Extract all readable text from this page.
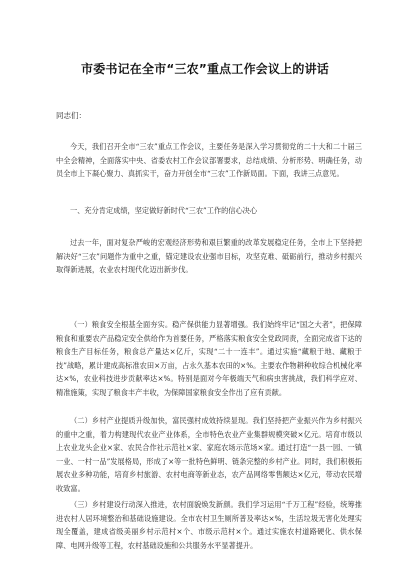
市委书记在全市“三农”重点工作会议上的讲话
同志们：
今天，我们召开全市“三农”重点工作会议，主要任务是深入学习贯彻党的二十大和二十届三中全会精神，全面落实中央、省委农村工作会议部署要求，总结成绩、分析形势、明确任务，动员全市上下凝心聚力、真抓实干，奋力开创全市“三农”工作新局面。下面，我讲三点意见。
一、充分肯定成绩，坚定做好新时代“三农”工作的信心决心
过去一年，面对复杂严峻的宏观经济形势和艰巨繁重的改革发展稳定任务，全市上下坚持把解决好“三农”问题作为重中之重，锚定建设农业强市目标，攻坚克难、砥砺前行，推动乡村振兴取得新进展，农业农村现代化迈出新步伐。
（一）粮食安全根基全面夯实。稳产保供能力显著增强。我们始终牢记“国之大者”，把保障粮食和重要农产品稳定安全供给作为首要任务，严格落实粮食安全党政同责，全面完成省下达的粮食生产目标任务，粮食总产量达×亿斤，实现“二十一连丰”。通过实施“藏粮于地、藏粮于技”战略，累计建成高标准农田×万亩，占永久基本农田的×%。主要农作物耕种收综合机械化率达×%，农业科技进步贡献率达×%。特别是面对今年极端天气和病虫害挑战，我们科学应对、精准施策，实现了粮食丰产丰收，为保障国家粮食安全作出了应有贡献。
（二）乡村产业提质升级加快，富民强村成效持续显现。我们坚持把产业振兴作为乡村振兴的重中之重，着力构建现代农业产业体系，全市特色农业产业集群规模突破×亿元。培育市级以上农业龙头企业×家、农民合作社示范社×家、家庭农场示范场×家。通过打造“一县一园、一镇一业、一村一品”发展格局，形成了×等一批特色鲜明、链条完整的乡村产业。同时，我们积极拓展农业多种功能，培育乡村旅游、农村电商等新业态，农产品网络零售额达×亿元，带动农民增收致富。
（三）乡村建设行动深入推进，农村面貌焕发新颜。我们学习运用“千万工程”经验，统筹推进农村人居环境整治和基础设施建设。全市农村卫生厕所普及率达×%，生活垃圾无害化处理实现全覆盖，建成省级美丽乡村示范村×个、市级示范村×个。通过实施农村道路硬化、供水保障、电网升级等工程，农村基础设施和公共服务水平显著提升。
